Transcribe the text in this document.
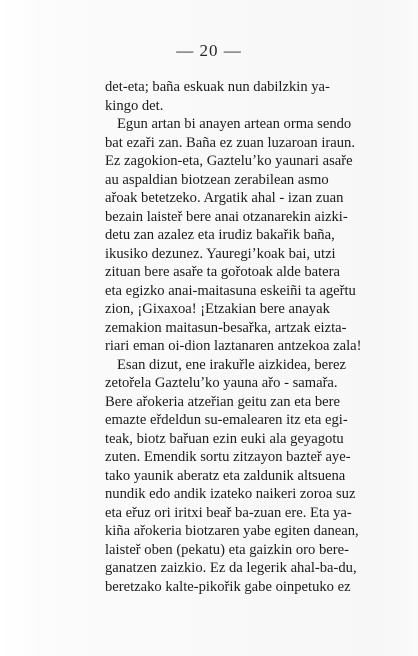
— 20 —
det-eta; baña eskuak nun dabilzkin ya-
kingo det.
Egun artan bi anayen artean orma sendo
bat ezaři zan. Baña ez zuan luzaroan iraun.
Ez zagokion-eta, Gazteluʼko yaunari asaře
au aspaldian biotzean zerabilean asmo
ařoak betetzeko. Argatik ahal - izan zuan
bezain laisteř bere anai otzanarekin aizki-
detu zan azalez eta irudiz bakařik baña,
ikusiko dezunez. Yauregiʼkoak bai, utzi
zituan bere asaře ta gořotoak alde batera
eta egizko anai-maitasuna eskeiñi ta ageřtu
zion, ¡Gixaxoa! ¡Etzakian bere anayak
zemakion maitasun-besařka, artzak eizta-
riari eman oi-dion laztanaren antzekoa zala!
Esan dizut, ene irakuřle aizkidea, berez
zetořela Gazteluʼko yauna ařo - samařa.
Bere ařokeria atzeřian geitu zan eta bere
emazte eřdeldun su-emalearen itz eta egi-
teak, biotz bařuan ezin euki ala geyagotu
zuten. Emendik sortu zitzayon bazteř aye-
tako yaunik aberatz eta zaldunik altsuena
nundik edo andik izateko naikeri zoroa suz
eta eřuz ori iritxi beař ba-zuan ere. Eta ya-
kiña ařokeria biotzaren yabe egiten danean,
laisteř oben (pekatu) eta gaizkin oro bere-
ganatzen zaizkio. Ez da legerik ahal-ba-du,
beretzako kalte-pikořik gabe oinpetuko ez
